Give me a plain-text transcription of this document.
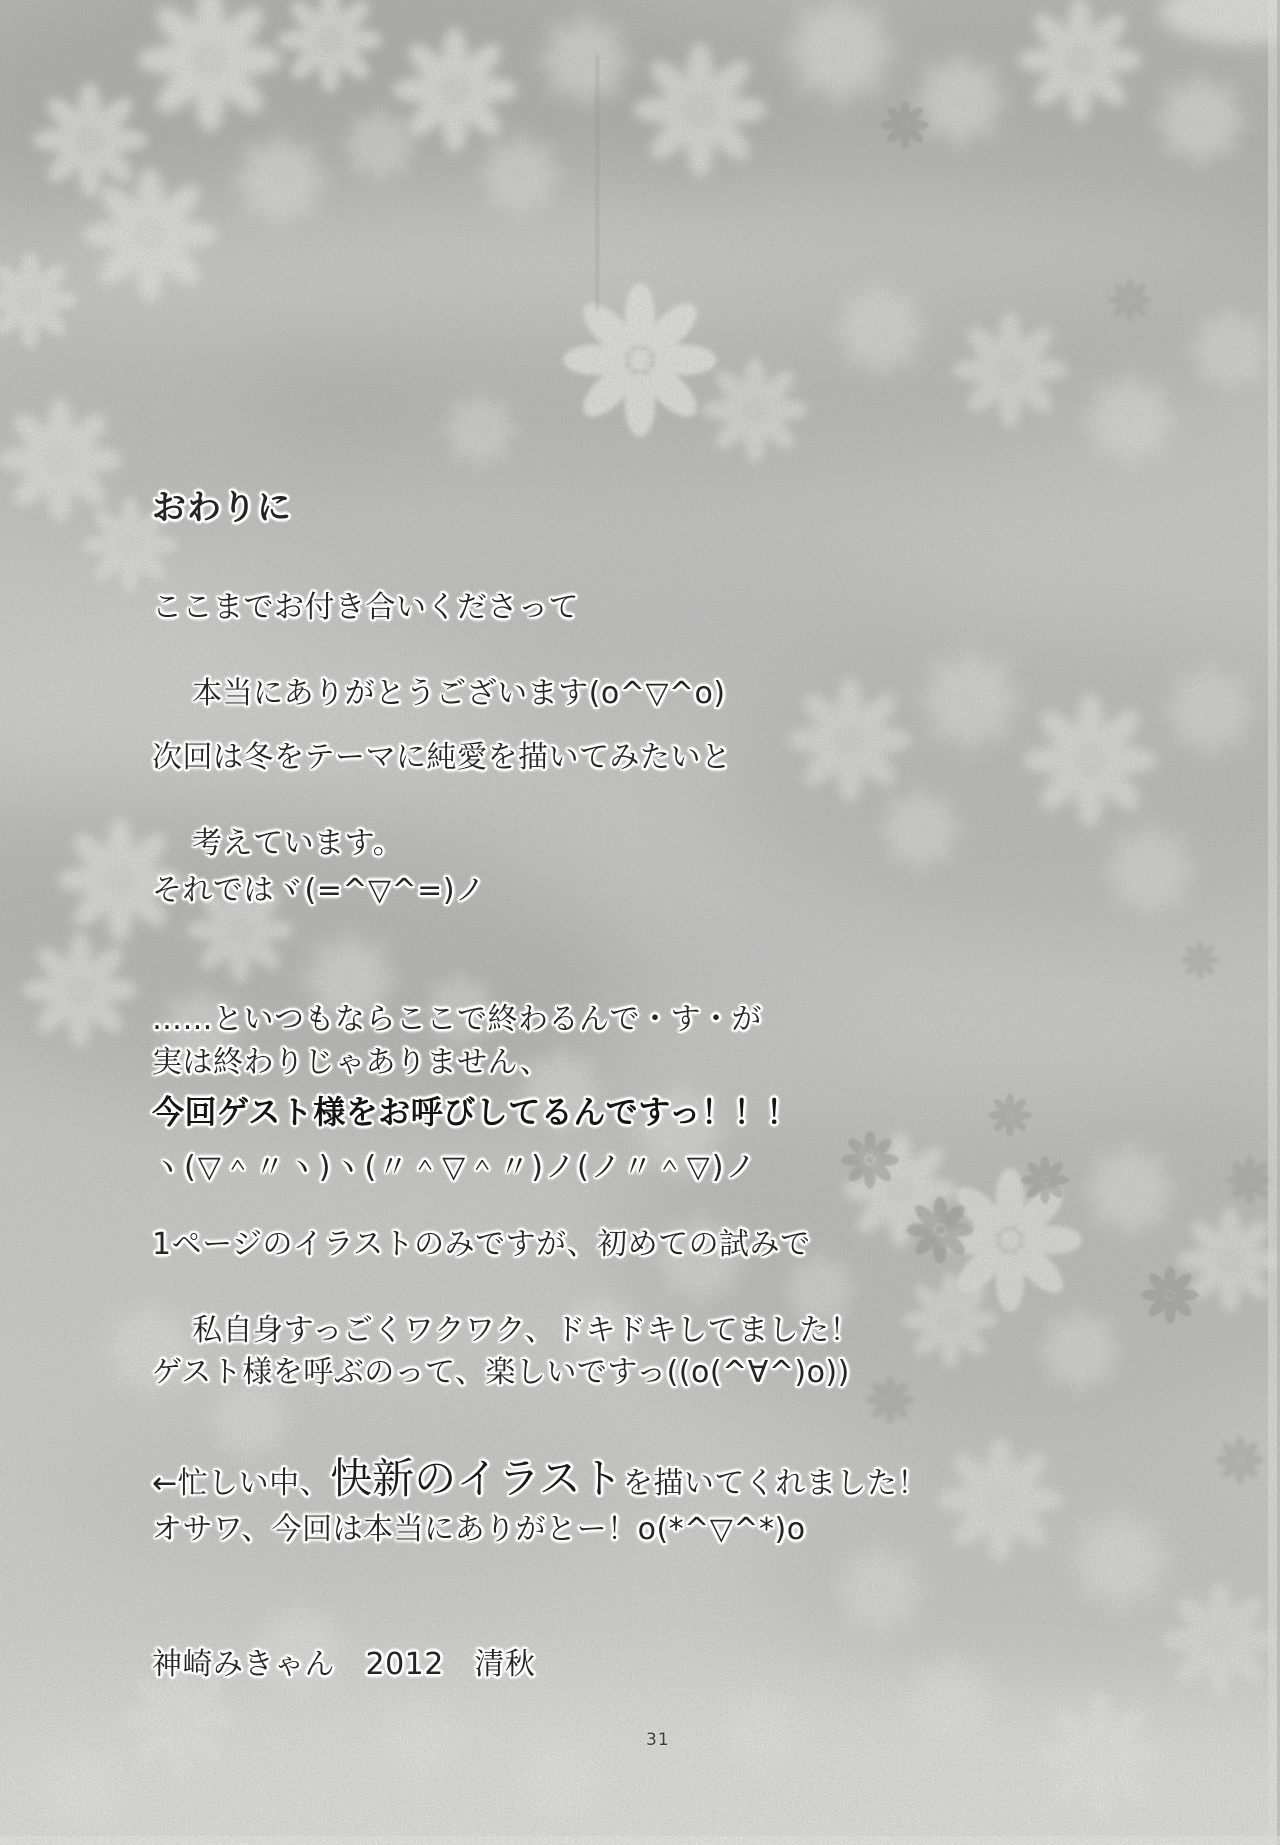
おわりに
ここまでお付き合いくださって

本当にありがとうございます(o^▽^o)
次回は冬をテーマに純愛を描いてみたいと

考えています。
それではヾ(=^▽^=)ノ
……といつもならここで終わるんで・す・が
実は終わりじゃありません、
今回ゲスト様をお呼びしてるんですっ！！！
ヽ(▽＾〃ヽ)ヽ(〃＾▽＾〃)ノ(ノ〃＾▽)ノ
1ページのイラストのみですが、初めての試みで

私自身すっごくワクワク、ドキドキしてました！
ゲスト様を呼ぶのって、楽しいですっ((o(^∀^)o))
←忙しい中、快新のイラストを描いてくれました！
オサワ、今回は本当にありがとー！o(*^▽^*)o
神崎みきゃん　2012　清秋
31
